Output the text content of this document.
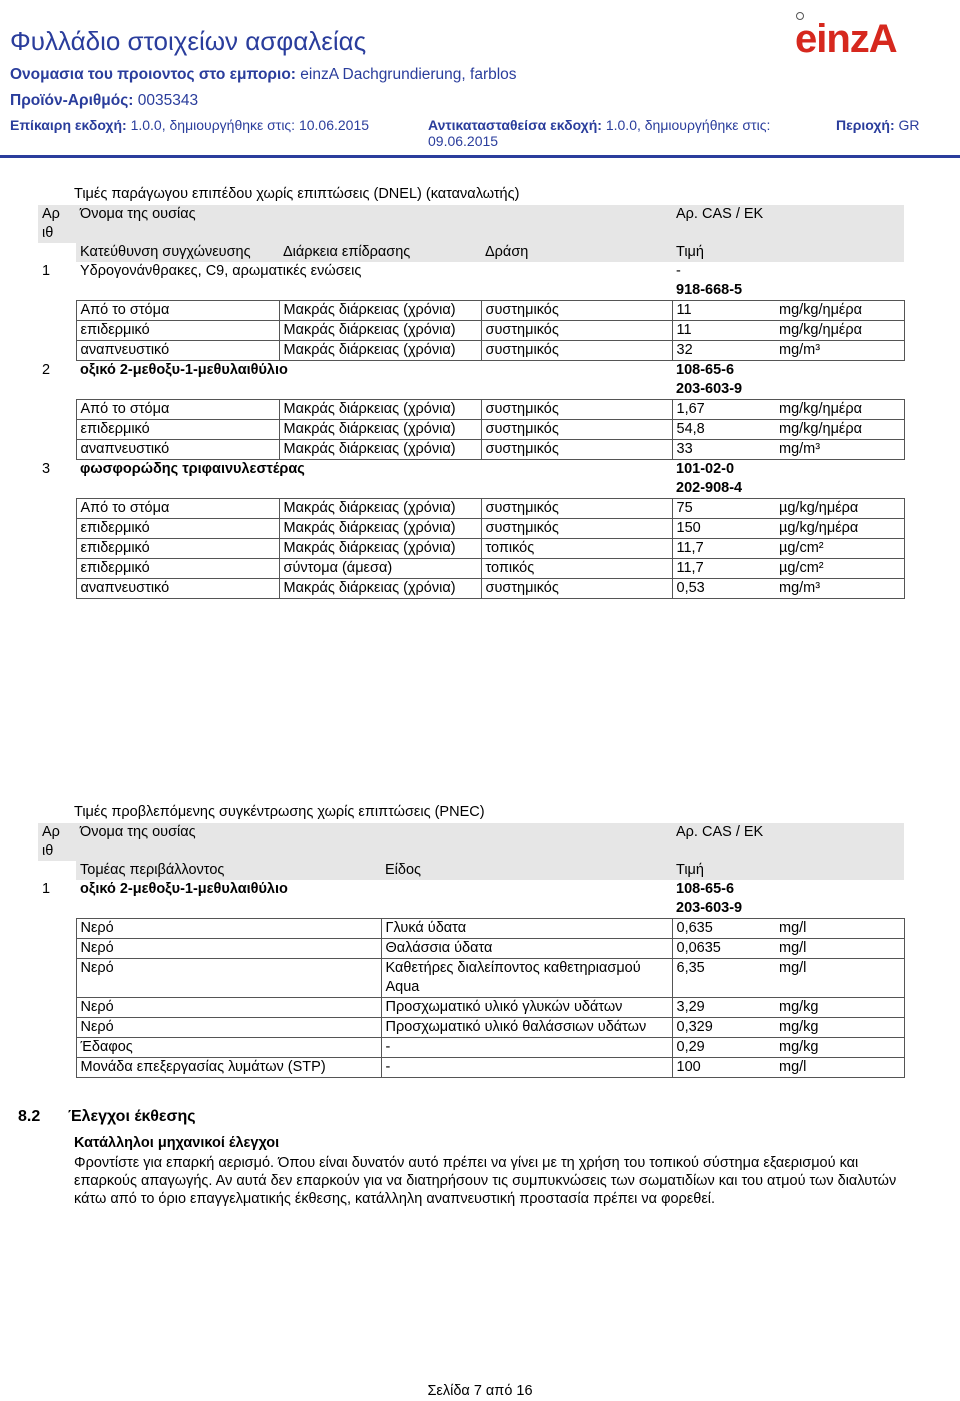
Φυλλάδιο στοιχείων ασφαλείας	einzA
Ονομασια του προιοντος στο εμποριο: einzA Dachgrundierung, farblos
Προϊόν-Αριθμός: 0035343
Επίκαιρη εκδοχή: 1.0.0, δημιουργήθηκε στις: 10.06.2015	Αντικατασταθείσα εκδοχή: 1.0.0, δημιουργήθηκε στις:
09.06.2015
Περιοχή: GR
Τιμές παράγωγου επιπέδου χωρίς επιπτώσεις (DNEL) (καταναλωτής)
Αρ ιθ	Όνομα της ουσίας			Αρ. CAS / ΕΚ	
	Κατεύθυνση συγχώνευσης	Διάρκεια επίδρασης	Δράση	Τιμή	
1	Υδρογονάνθρακες, C9, αρωματικές ενώσεις			-
918-668-5	
	Από το στόμα	Μακράς διάρκειας (χρόνια)	συστημικός	11	mg/kg/ημέρα
	επιδερμικό	Μακράς διάρκειας (χρόνια)	συστημικός	11	mg/kg/ημέρα
	αναπνευστικό	Μακράς διάρκειας (χρόνια)	συστημικός	32	mg/m³
2	οξικό 2-μεθοξυ-1-μεθυλαιθύλιο			108-65-6
203-603-9	
	Από το στόμα	Μακράς διάρκειας (χρόνια)	συστημικός	1,67	mg/kg/ημέρα
	επιδερμικό	Μακράς διάρκειας (χρόνια)	συστημικός	54,8	mg/kg/ημέρα
	αναπνευστικό	Μακράς διάρκειας (χρόνια)	συστημικός	33	mg/m³
3	φωσφορώδης τριφαινυλεστέρας			101-02-0
202-908-4	
	Από το στόμα	Μακράς διάρκειας (χρόνια)	συστημικός	75	µg/kg/ημέρα
	επιδερμικό	Μακράς διάρκειας (χρόνια)	συστημικός	150	µg/kg/ημέρα
	επιδερμικό	Μακράς διάρκειας (χρόνια)	τοπικός	11,7	µg/cm²
	επιδερμικό	σύντομα (άμεσα)	τοπικός	11,7	µg/cm²
	αναπνευστικό	Μακράς διάρκειας (χρόνια)	συστημικός	0,53	mg/m³
Τιμές προβλεπόμενης συγκέντρωσης χωρίς επιπτώσεις (PNEC)
Αρ ιθ	Όνομα της ουσίας		Αρ. CAS / ΕΚ	
	Τομέας περιβάλλοντος	Είδος	Τιμή	
1	οξικό 2-μεθοξυ-1-μεθυλαιθύλιο		108-65-6
203-603-9	
	Νερό	Γλυκά ύδατα	0,635	mg/l
	Νερό	Θαλάσσια ύδατα	0,0635	mg/l
	Νερό	Καθετήρες διαλείποντος καθετηριασμού Aqua	6,35	mg/l
	Νερό	Προσχωματικό υλικό γλυκών υδάτων	3,29	mg/kg
	Νερό	Προσχωματικό υλικό θαλάσσιων υδάτων	0,329	mg/kg
	Έδαφος	-	0,29	mg/kg
	Μονάδα επεξεργασίας λυμάτων (STP)	-	100	mg/l
8.2 Έλεγχοι έκθεσης
Κατάλληλοι μηχανικοί έλεγχοι
Φροντίστε για επαρκή αερισμό. Όπου είναι δυνατόν αυτό πρέπει να γίνει με τη χρήση του τοπικού σύστημα εξαερισμού και επαρκούς απαγωγής. Αν αυτά δεν επαρκούν για να διατηρήσουν τις συμπυκνώσεις των σωματιδίων και του ατμού των διαλυτών κάτω από το όριο επαγγελματικής έκθεσης, κατάλληλη αναπνευστική προστασία πρέπει να φορεθεί.
Σελίδα 7 από 16
